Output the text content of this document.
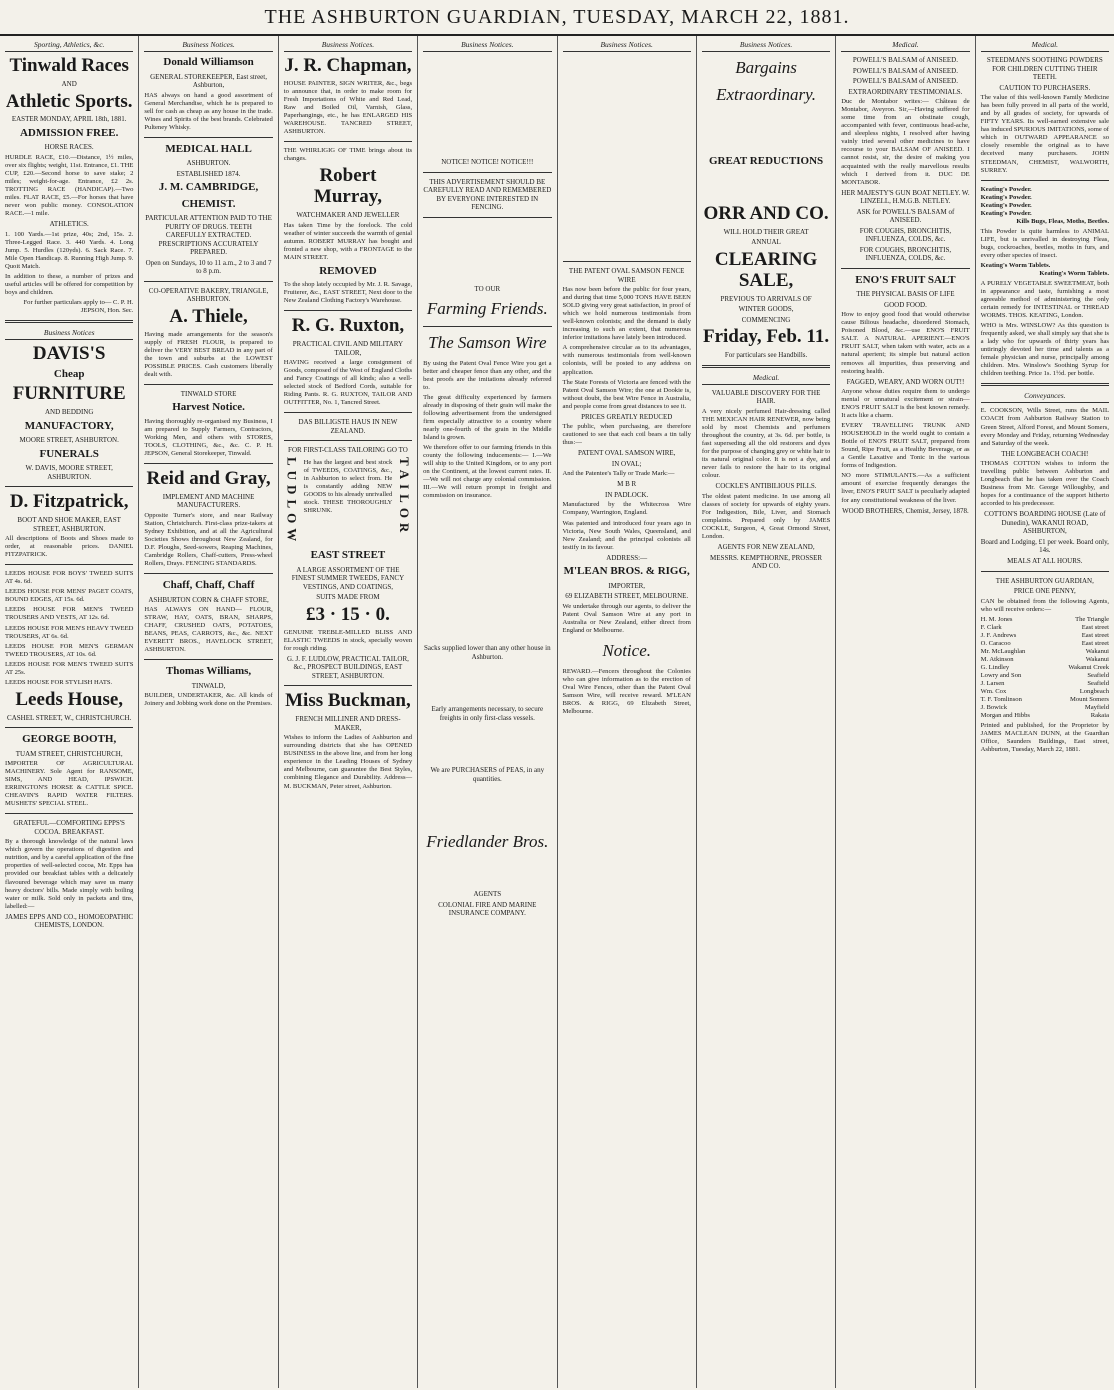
THE ASHBURTON GUARDIAN, TUESDAY, MARCH 22, 1881.
Sporting, Athletics, &c.
Tinwald Races
AND
Athletic Sports.
EASTER MONDAY, APRIL 18th, 1881.
ADMISSION FREE.
HORSE RACES.
HURDLE RACE, £10.—Distance, 1½ miles, over six flights; weight, 11st. Entrance, £1. THE CUP, £20.—Second horse to save stake; 2 miles; weight-for-age. Entrance, £2 2s. TROTTING RACE (HANDICAP).—Two miles. FLAT RACE, £5.—For horses that have never won public money. CONSOLATION RACE.—1 mile.
ATHLETICS.
1. 100 Yards.—1st prize, 40s; 2nd, 15s. 2. Three-Legged Race. 3. 440 Yards. 4. Long Jump. 5. Hurdles (120yds). 6. Sack Race. 7. Mile Open Handicap. 8. Running High Jump. 9. Quoit Match.
In addition to these, a number of prizes and useful articles will be offered for competition by boys and children.
For further particulars apply to— C. P. H. JEPSON, Hon. Sec.
Business Notices
DAVIS'S
Cheap
FURNITURE
AND BEDDING
MANUFACTORY,
MOORE STREET, ASHBURTON.
FUNERALS
W. DAVIS, MOORE STREET, ASHBURTON.
D. Fitzpatrick,
BOOT AND SHOE MAKER, EAST STREET, ASHBURTON.
All descriptions of Boots and Shoes made to order, at reasonable prices. DANIEL FITZPATRICK.
LEEDS HOUSE FOR BOYS' TWEED SUITS AT 4s. 6d.
LEEDS HOUSE FOR MENS' PAGET COATS, BOUND EDGES, AT 15s. 6d.
LEEDS HOUSE FOR MEN'S TWEED TROUSERS AND VESTS, AT 12s. 6d.
LEEDS HOUSE FOR MEN'S HEAVY TWEED TROUSERS, AT 6s. 6d.
LEEDS HOUSE FOR MEN'S GERMAN TWEED TROUSERS, AT 10s. 6d.
LEEDS HOUSE FOR MEN'S TWEED SUITS AT 25s.
LEEDS HOUSE FOR STYLISH HATS.
Leeds House,
CASHEL STREET, W., CHRISTCHURCH.
GEORGE BOOTH,
TUAM STREET, CHRISTCHURCH,
IMPORTER OF AGRICULTURAL MACHINERY. Sole Agent for RANSOME, SIMS, AND HEAD, IPSWICH. ERRINGTON'S HORSE & CATTLE SPICE. CHEAVIN'S RAPID WATER FILTERS. MUSHETS' SPECIAL STEEL.
GRATEFUL—COMFORTING EPPS'S COCOA. BREAKFAST.
By a thorough knowledge of the natural laws which govern the operations of digestion and nutrition, and by a careful application of the fine properties of well-selected cocoa, Mr. Epps has provided our breakfast tables with a delicately flavoured beverage which may save us many heavy doctors' bills. Made simply with boiling water or milk. Sold only in packets and tins, labelled:—
JAMES EPPS AND CO., HOMOEOPATHIC CHEMISTS, LONDON.
Business Notices.
Donald Williamson
GENERAL STOREKEEPER, East street, Ashburton,
HAS always on hand a good assortment of General Merchandise, which he is prepared to sell for cash as cheap as any house in the trade. Wines and Spirits of the best brands. Celebrated Pulteney Whisky.
MEDICAL HALL
ASHBURTON.
ESTABLISHED 1874.
J. M. CAMBRIDGE,
CHEMIST.
PARTICULAR ATTENTION PAID TO THE PURITY OF DRUGS. TEETH CAREFULLY EXTRACTED. PRESCRIPTIONS ACCURATELY PREPARED.
Open on Sundays, 10 to 11 a.m., 2 to 3 and 7 to 8 p.m.
CO-OPERATIVE BAKERY, TRIANGLE, ASHBURTON.
A. Thiele,
Having made arrangements for the season's supply of FRESH FLOUR, is prepared to deliver the VERY BEST BREAD in any part of the town and suburbs at the LOWEST POSSIBLE PRICES. Cash customers liberally dealt with.
TINWALD STORE
Harvest Notice.
Having thoroughly re-organised my Business, I am prepared to Supply Farmers, Contractors, Working Men, and others with STORES, TOOLS, CLOTHING, &c., &c. C. P. H. JEPSON, General Storekeeper, Tinwald.
Reid and Gray,
IMPLEMENT AND MACHINE MANUFACTURERS.
Opposite Turner's store, and near Railway Station, Christchurch. First-class prize-takers at Sydney Exhibition, and at all the Agricultural Societies Shows throughout New Zealand, for D.F. Ploughs, Seed-sowers, Reaping Machines, Cambridge Rollers, Chaff-cutters, Press-wheel Rollers, Drays. FENCING STANDARDS.
Chaff, Chaff, Chaff
ASHBURTON CORN & CHAFF STORE,
HAS ALWAYS ON HAND— FLOUR, STRAW, HAY, OATS, BRAN, SHARPS, CHAFF, CRUSHED OATS, POTATOES, BEANS, PEAS, CARROTS, &c., &c. NEXT EVERETT BROS., HAVELOCK STREET, ASHBURTON.
Thomas Williams,
TINWALD,
BUILDER, UNDERTAKER, &c. All kinds of Joinery and Jobbing work done on the Premises.
Business Notices.
J. R. Chapman,
HOUSE PAINTER, SIGN WRITER, &c., begs to announce that, in order to make room for Fresh Importations of White and Red Lead, Raw and Boiled Oil, Varnish, Glass, Paperhangings, etc., he has ENLARGED HIS WAREHOUSE. TANCRED STREET, ASHBURTON.
THE WHIRLIGIG OF TIME brings about its changes.
Robert Murray,
WATCHMAKER AND JEWELLER
Has taken Time by the forelock. The cold weather of winter succeeds the warmth of genial autumn. ROBERT MURRAY has bought and fronted a new shop, with a FRONTAGE to the MAIN STREET.
REMOVED
To the shop lately occupied by Mr. J. R. Savage, Fruiterer, &c., EAST STREET, Next door to the New Zealand Clothing Factory's Warehouse.
R. G. Ruxton,
PRACTICAL CIVIL AND MILITARY TAILOR,
HAVING received a large consignment of Goods, composed of the West of England Cloths and Fancy Coatings of all kinds; also a well-selected stock of Bedford Cords, suitable for Riding Pants. R. G. RUXTON, TAILOR AND OUTFITTER, No. 1, Tancred Street.
DAS BILLIGSTE HAUS IN NEW ZEALAND.
FOR FIRST-CLASS TAILORING GO TO
LUDLOW He has the largest and best stock of TWEEDS, COATINGS, &c., in Ashburton to select from. He is constantly adding NEW GOODS to his already unrivalled stock. THESE THOROUGHLY SHRUNK.	TAILOR
EAST STREET
A LARGE ASSORTMENT OF THE FINEST SUMMER TWEEDS, FANCY VESTINGS, AND COATINGS,
SUITS MADE FROM
£3 · 15 · 0.
GENUINE TREBLE-MILLED BLISS AND ELASTIC TWEEDS in stock, specially woven for rough riding.
G. J. F. LUDLOW, PRACTICAL TAILOR, &c., PROSPECT BUILDINGS, EAST STREET, ASHBURTON.
Miss Buckman,
FRENCH MILLINER AND DRESS-MAKER,
Wishes to inform the Ladies of Ashburton and surrounding districts that she has OPENED BUSINESS in the above line, and from her long experience in the Leading Houses of Sydney and Melbourne, can guarantee the Best Styles, combining Elegance and Durability. Address—M. BUCKMAN, Peter street, Ashburton.
Business Notices.
NOTICE! NOTICE! NOTICE!!!
THIS ADVERTISEMENT SHOULD BE CAREFULLY READ AND REMEMBERED BY EVERYONE INTERESTED IN FENCING.
TO OUR
Farming Friends.
The Samson Wire
By using the Patent Oval Fence Wire you get a better and cheaper fence than any other, and the best proofs are the imitations already referred to.
The great difficulty experienced by farmers already in disposing of their grain will make the following advertisement from the undersigned firm especially attractive to a country where nearly one-fourth of the grain in the Middle Island is grown.
We therefore offer to our farming friends in this county the following inducements:— I.—We will ship to the United Kingdom, or to any port on the Continent, at the lowest current rates. II.—We will not charge any colonial commission. III.—We will return prompt in freight and commission on insurance.
Sacks supplied lower than any other house in Ashburton.
Early arrangements necessary, to secure freights in only first-class vessels.
We are PURCHASERS of PEAS, in any quantities.
Friedlander Bros.
AGENTS
COLONIAL FIRE AND MARINE INSURANCE COMPANY.
Business Notices.
THE PATENT OVAL SAMSON FENCE WIRE
Has now been before the public for four years, and during that time 5,000 TONS HAVE BEEN SOLD giving very great satisfaction, in proof of which we hold numerous testimonials from well-known colonists; and the demand is daily increasing to such an extent, that numerous inferior imitations have lately been introduced.
A comprehensive circular as to its advantages, with numerous testimonials from well-known colonists, will be posted to any address on application.
The State Forests of Victoria are fenced with the Patent Oval Samson Wire; the one at Dookie is, without doubt, the best Wire Fence in Australia, and people come from great distances to see it.
PRICES GREATLY REDUCED
The public, when purchasing, are therefore cautioned to see that each coil bears a tin tally thus:—
PATENT OVAL SAMSON WIRE,
IN OVAL;
And the Patentee's Tally or Trade Mark:—
M B R
IN PADLOCK.
Manufactured by the Whitecross Wire Company, Warrington, England.
Was patented and introduced four years ago in Victoria, New South Wales, Queensland, and New Zealand; and the principal colonists all testify in its favour.
ADDRESS:—
M'LEAN BROS. & RIGG,
IMPORTER,
69 ELIZABETH STREET, MELBOURNE.
We undertake through our agents, to deliver the Patent Oval Samson Wire at any port in Australia or New Zealand, either direct from England or Melbourne.
Notice.
REWARD.—Fencers throughout the Colonies who can give information as to the erection of Oval Wire Fences, other than the Patent Oval Samson Wire, will receive reward. M'LEAN BROS. & RIGG, 69 Elizabeth Street, Melbourne.
Business Notices.
Bargains
Extraordinary.
GREAT REDUCTIONS
ORR AND CO.
WILL HOLD THEIR GREAT
ANNUAL
CLEARING SALE,
PREVIOUS TO ARRIVALS OF
WINTER GOODS,
COMMENCING
Friday, Feb. 11.
For particulars see Handbills.
Medical.
VALUABLE DISCOVERY FOR THE HAIR.
A very nicely perfumed Hair-dressing called THE MEXICAN HAIR RENEWER, now being sold by most Chemists and perfumers throughout the country, at 3s. 6d. per bottle, is fast superseding all the old restorers and dyes for the purpose of changing grey or white hair to its natural original color. It is not a dye, and never fails to restore the hair to its original colour.
COCKLE'S ANTIBILIOUS PILLS.
The oldest patent medicine. In use among all classes of society for upwards of eighty years. For Indigestion, Bile, Liver, and Stomach complaints. Prepared only by JAMES COCKLE, Surgeon, 4, Great Ormond Street, London.
AGENTS FOR NEW ZEALAND,
MESSRS. KEMPTHORNE, PROSSER AND CO.
Medical.
POWELL'S BALSAM of ANISEED.
POWELL'S BALSAM of ANISEED.
POWELL'S BALSAM of ANISEED.
EXTRAORDINARY TESTIMONIALS.
Duc de Montabor writes:— Château de Montabor, Aveyron. Sir,—Having suffered for some time from an obstinate cough, accompanied with fever, continuous head-ache, and sleepless nights, I resolved after having vainly tried several other medicines to have recourse to your BALSAM OF ANISEED. I cannot resist, sir, the desire of making you acquainted with the really marvellous results which I derived from it. DUC DE MONTABOR.
HER MAJESTY'S GUN BOAT NETLEY. W. LINZELL, H.M.G.B. NETLEY.
ASK for POWELL'S BALSAM of ANISEED.
FOR COUGHS, BRONCHITIS, INFLUENZA, COLDS, &c.
FOR COUGHS, BRONCHITIS, INFLUENZA, COLDS, &c.
ENO'S FRUIT SALT
THE PHYSICAL BASIS OF LIFE
GOOD FOOD.
How to enjoy good food that would otherwise cause Bilious headache, disordered Stomach, Poisoned Blood, &c.—use ENO'S FRUIT SALT. A NATURAL APERIENT.—ENO'S FRUIT SALT, when taken with water, acts as a natural aperient; its simple but natural action removes all impurities, thus preserving and restoring health.
FAGGED, WEARY, AND WORN OUT!!
Anyone whose duties require them to undergo mental or unnatural excitement or strain—ENO'S FRUIT SALT is the best known remedy. It acts like a charm.
EVERY TRAVELLING TRUNK AND HOUSEHOLD in the world ought to contain a Bottle of ENO'S FRUIT SALT, prepared from Sound, Ripe Fruit, as a Healthy Beverage, or as a Gentle Laxative and Tonic in the various forms of Indigestion.
NO more STIMULANTS.—As a sufficient amount of exercise frequently deranges the liver, ENO'S FRUIT SALT is peculiarly adapted for any constitutional weakness of the liver.
WOOD BROTHERS, Chemist, Jersey, 1878.
Medical.
STEEDMAN'S SOOTHING POWDERS FOR CHILDREN CUTTING THEIR TEETH.
CAUTION TO PURCHASERS.
The value of this well-known Family Medicine has been fully proved in all parts of the world, and by all grades of society, for upwards of FIFTY YEARS. Its well-earned extensive sale has induced SPURIOUS IMITATIONS, some of which in OUTWARD APPEARANCE so closely resemble the original as to have deceived many purchasers. JOHN STEEDMAN, CHEMIST, WALWORTH, SURREY.
Keating's Powder.
Keating's Powder.
Keating's Powder.
Keating's Powder.
Kills Bugs, Fleas, Moths, Beetles.
This Powder is quite harmless to ANIMAL LIFE, but is unrivalled in destroying Fleas, bugs, cockroaches, beetles, moths in furs, and every other species of insect.
Keating's Worm Tablets.
Keating's Worm Tablets.
A PURELY VEGETABLE SWEETMEAT, both in appearance and taste, furnishing a most agreeable method of administering the only certain remedy for INTESTINAL or THREAD WORMS. THOS. KEATING, London.
WHO is Mrs. WINSLOW? As this question is frequently asked, we shall simply say that she is a lady who for upwards of thirty years has untiringly devoted her time and talents as a female physician and nurse, principally among children. Mrs. Winslow's Soothing Syrup for children teething. Price 1s. 1½d. per bottle.
Conveyances.
E. COOKSON, Wills Street, runs the MAIL COACH from Ashburton Railway Station to Green Street, Alford Forest, and Mount Somers, every Monday and Friday, returning Wednesday and Saturday of the week.
THE LONGBEACH COACH!
THOMAS COTTON wishes to inform the travelling public between Ashburton and Longbeach that he has taken over the Coach Business from Mr. George Willoughby, and hopes for a continuance of the support hitherto accorded to his predecessor.
COTTON'S BOARDING HOUSE (Late of Dunedin), WAKANUI ROAD, ASHBURTON,
Board and Lodging, £1 per week. Board only, 14s.
MEALS AT ALL HOURS.
THE ASHBURTON GUARDIAN,
PRICE ONE PENNY,
CAN be obtained from the following Agents, who will receive orders:—
H. M. Jones	The Triangle
F. Clark	East street
J. F. Andrews	East street
O. Caracoo	East street
Mr. McLaughlan	Wakanui
M. Atkinson	Wakanui
G. Lindley	Wakanui Creek
Lowry and Son	Seafield
J. Larsen	Seafield
Wm. Cox	Longbeach
T. F. Tomlinson	Mount Somers
J. Bowick	Mayfield
Morgan and Hibbs	Rakaia
Printed and published, for the Proprietor by JAMES MACLEAN DUNN, at the Guardian Office, Saunders Buildings, East street, Ashburton, Tuesday, March 22, 1881.
